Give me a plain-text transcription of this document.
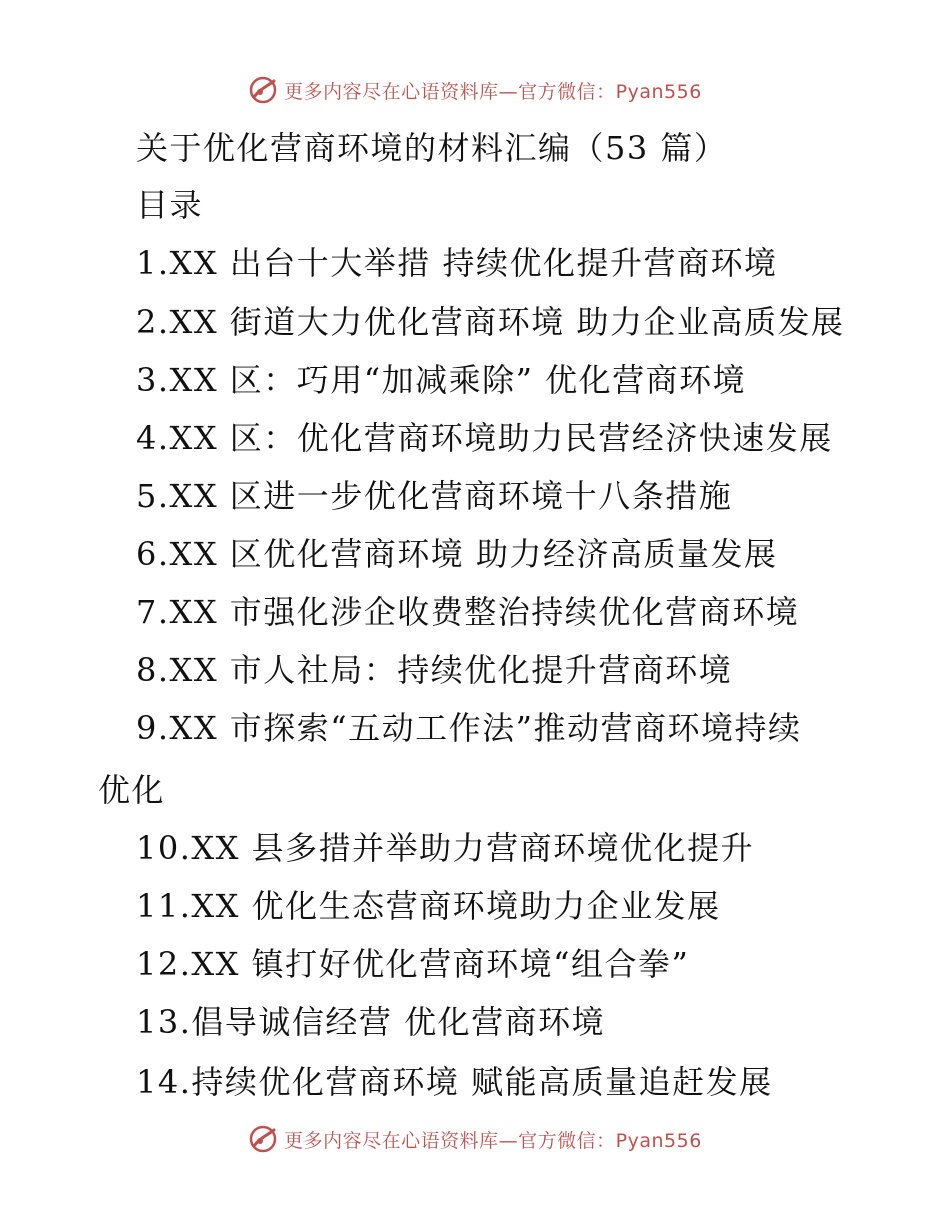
更多内容尽在心语资料库—官方微信：Pyan556
关于优化营商环境的材料汇编（53 篇）
目录
1.XX 出台十大举措 持续优化提升营商环境
2.XX 街道大力优化营商环境 助力企业高质发展
3.XX 区：巧用“加减乘除” 优化营商环境
4.XX 区：优化营商环境助力民营经济快速发展
5.XX 区进一步优化营商环境十八条措施
6.XX 区优化营商环境 助力经济高质量发展
7.XX 市强化涉企收费整治持续优化营商环境
8.XX 市人社局：持续优化提升营商环境
9.XX 市探索“五动工作法”推动营商环境持续
优化
10.XX 县多措并举助力营商环境优化提升
11.XX 优化生态营商环境助力企业发展
12.XX 镇打好优化营商环境“组合拳”
13.倡导诚信经营 优化营商环境
14.持续优化营商环境 赋能高质量追赶发展
更多内容尽在心语资料库—官方微信：Pyan556
